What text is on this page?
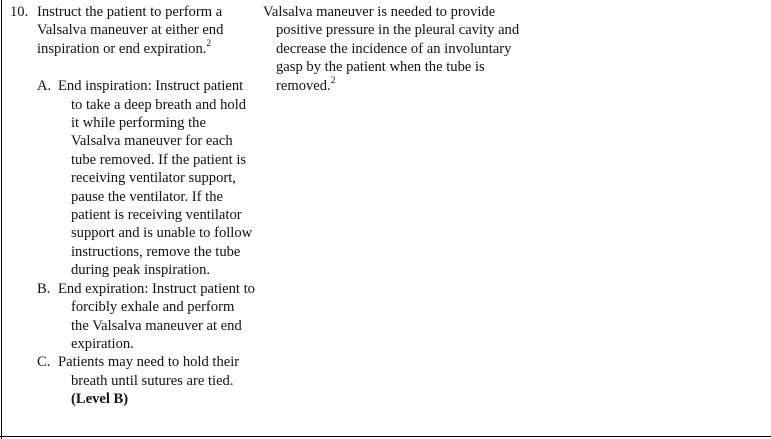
10. Instruct the patient to perform a Valsalva maneuver at either end inspiration or end expiration.$^2$
A. End inspiration: Instruct patient to take a deep breath and hold it while performing the Valsalva maneuver for each tube removed. If the patient is receiving ventilator support, pause the ventilator. If the patient is receiving ventilator support and is unable to follow instructions, remove the tube during peak inspiration.
B. End expiration: Instruct patient to forcibly exhale and perform the Valsalva maneuver at end expiration.
C. Patients may need to hold their breath until sutures are tied. (Level B)
Valsalva maneuver is needed to provide positive pressure in the pleural cavity and decrease the incidence of an involuntary gasp by the patient when the tube is removed.$^2$
